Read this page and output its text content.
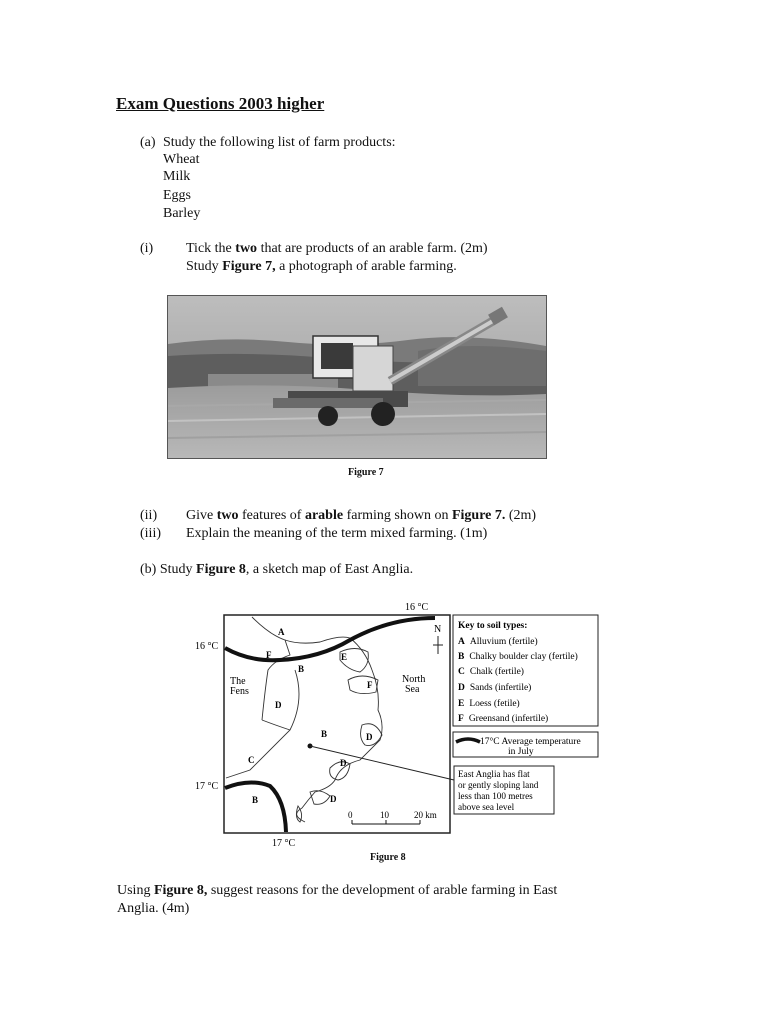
Exam Questions 2003 higher
(a) Study the following list of farm products:
Wheat
Milk
Eggs
Barley
(i) Tick the two that are products of an arable farm. (2m)
Study Figure 7, a photograph of arable farming.
Figure 7
(ii) Give two features of arable farming shown on Figure 7. (2m)
(iii) Explain the meaning of the term mixed farming. (1m)
(b) Study Figure 8, a sketch map of East Anglia.
16 °C
16 °C
17 °C
17 °C
The
Fens
North
Sea
N
A
F
B
E
F
D
B	D
C	D
B	D
0	10	20 km
Key to soil types:
A Alluvium (fertile)
B Chalky boulder clay (fertile)
C Chalk (fertile)
D Sands (infertile)
E Loess (fetile)
F Greensand (infertile)
17°C Average temperature
in July
East Anglia has flat
or gently sloping land
less than 100 metres
above sea level
Figure 8
Using Figure 8, suggest reasons for the development of arable farming in East
Anglia. (4m)
